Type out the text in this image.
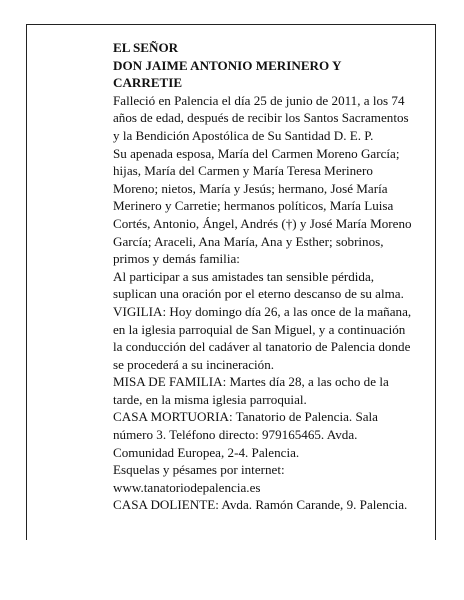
EL SEÑOR

DON JAIME ANTONIO MERINERO Y CARRETIE

Falleció en Palencia el día 25 de junio de 2011, a los 74 años de edad, después de recibir los Santos Sacramentos y la Bendición Apostólica de Su Santidad D. E. P.

Su apenada esposa, María del Carmen Moreno García; hijas, María del Carmen y María Teresa Merinero Moreno; nietos, María y Jesús; hermano, José María Merinero y Carretie; hermanos políticos, María Luisa Cortés, Antonio, Ángel, Andrés (†) y José María Moreno García; Araceli, Ana María, Ana y Esther; sobrinos, primos y demás familia:

Al participar a sus amistades tan sensible pérdida, suplican una oración por el eterno descanso de su alma.

VIGILIA: Hoy domingo día 26, a las once de la mañana, en la iglesia parroquial de San Miguel, y a continuación la conducción del cadáver al tanatorio de Palencia donde se procederá a su incineración.

MISA DE FAMILIA: Martes día 28, a las ocho de la tarde, en la misma iglesia parroquial.

CASA MORTUORIA: Tanatorio de Palencia. Sala número 3. Teléfono directo: 979165465. Avda. Comunidad Europea, 2-4. Palencia.

Esquelas y pésames por internet: www.tanatoriodepalencia.es

CASA DOLIENTE: Avda. Ramón Carande, 9. Palencia.
